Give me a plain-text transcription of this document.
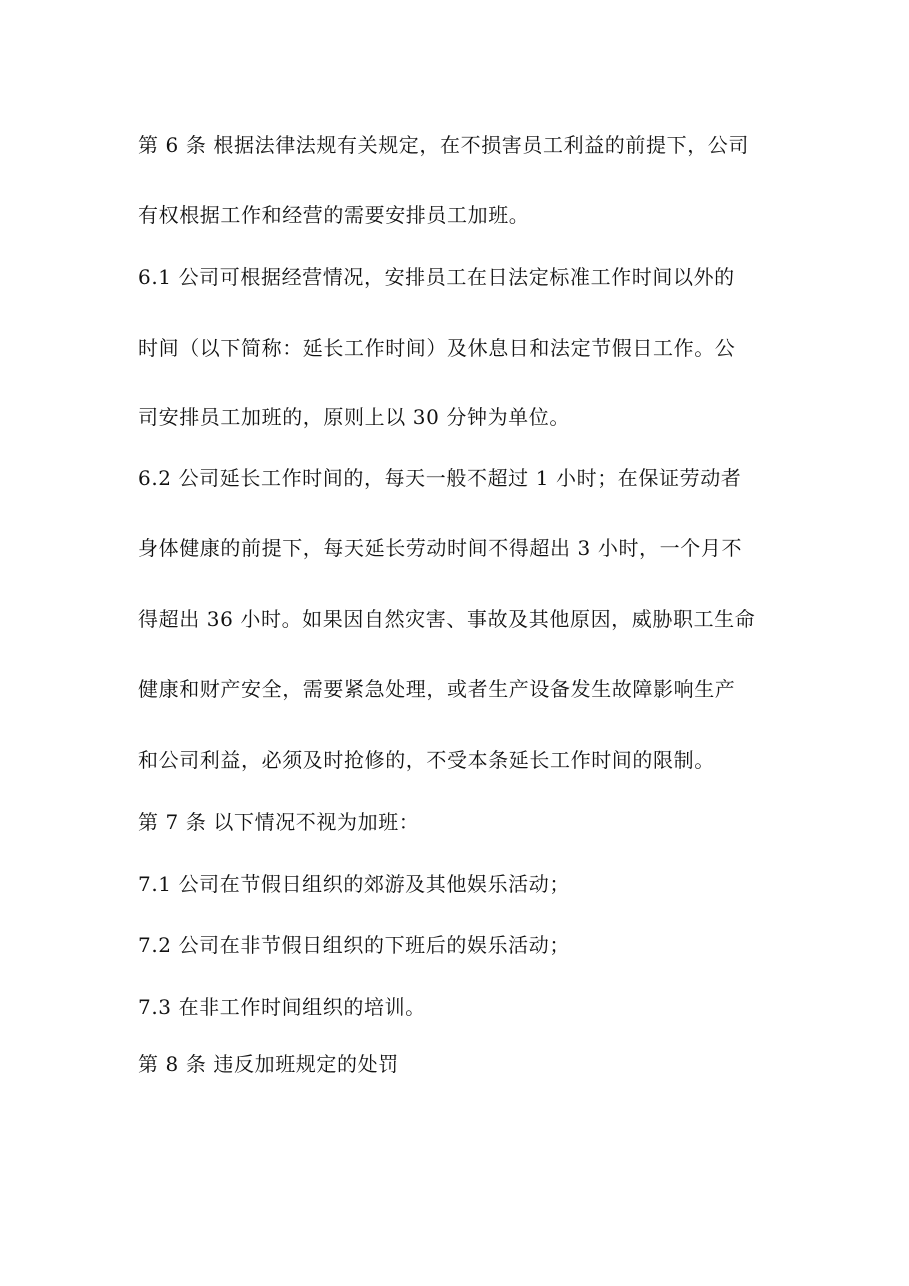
第 6 条 根据法律法规有关规定，在不损害员工利益的前提下，公司
有权根据工作和经营的需要安排员工加班。
6.1 公司可根据经营情况，安排员工在日法定标准工作时间以外的
时间（以下简称：延长工作时间）及休息日和法定节假日工作。公
司安排员工加班的，原则上以 30 分钟为单位。
6.2 公司延长工作时间的，每天一般不超过 1 小时；在保证劳动者
身体健康的前提下，每天延长劳动时间不得超出 3 小时，一个月不
得超出 36 小时。如果因自然灾害、事故及其他原因，威胁职工生命
健康和财产安全，需要紧急处理，或者生产设备发生故障影响生产
和公司利益，必须及时抢修的，不受本条延长工作时间的限制。
第 7 条 以下情况不视为加班：
7.1 公司在节假日组织的郊游及其他娱乐活动；
7.2 公司在非节假日组织的下班后的娱乐活动；
7.3 在非工作时间组织的培训。
第 8 条 违反加班规定的处罚
